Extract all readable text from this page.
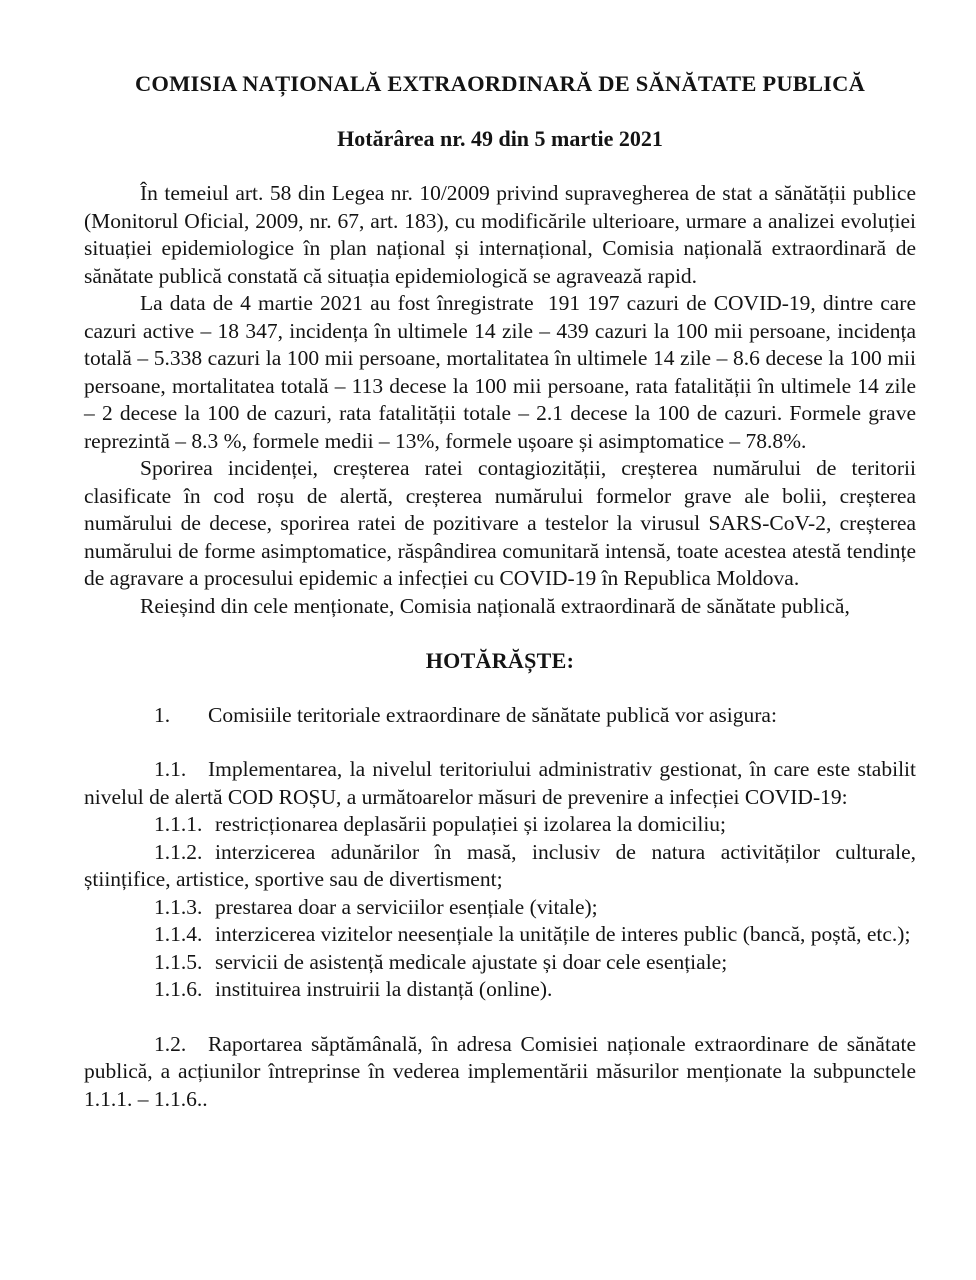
COMISIA NAȚIONALĂ EXTRAORDINARĂ DE SĂNĂTATE PUBLICĂ
Hotărârea nr. 49 din 5 martie 2021

În temeiul art. 58 din Legea nr. 10/2009 privind supravegherea de stat a sănătății publice (Monitorul Oficial, 2009, nr. 67, art. 183), cu modificările ulterioare, urmare a analizei evoluției situației epidemiologice în plan național și internațional, Comisia națională extraordinară de sănătate publică constată că situația epidemiologică se agravează rapid.

La data de 4 martie 2021 au fost înregistrate  191 197 cazuri de COVID-19, dintre care cazuri active – 18 347, incidența în ultimele 14 zile – 439 cazuri la 100 mii persoane, incidența totală – 5.338 cazuri la 100 mii persoane, mortalitatea în ultimele 14 zile – 8.6 decese la 100 mii persoane, mortalitatea totală – 113 decese la 100 mii persoane, rata fatalității în ultimele 14 zile – 2 decese la 100 de cazuri, rata fatalității totale – 2.1 decese la 100 de cazuri. Formele grave reprezintă – 8.3 %, formele medii – 13%, formele ușoare și asimptomatice – 78.8%.

Sporirea incidenței, creșterea ratei contagiozității, creșterea numărului de teritorii clasificate în cod roșu de alertă, creșterea numărului formelor grave ale bolii, creșterea numărului de decese, sporirea ratei de pozitivare a testelor la virusul SARS-CoV-2, creșterea numărului de forme asimptomatice, răspândirea comunitară intensă, toate acestea atestă tendințe de agravare a procesului epidemic a infecției cu COVID-19 în Republica Moldova.

Reieșind din cele menționate, Comisia națională extraordinară de sănătate publică,

HOTĂRĂȘTE:

1. Comisiile teritoriale extraordinare de sănătate publică vor asigura:

1.1. Implementarea, la nivelul teritoriului administrativ gestionat, în care este stabilit nivelul de alertă COD ROȘU, a următoarelor măsuri de prevenire a infecției COVID-19:

1.1.1. restricționarea deplasării populației și izolarea la domiciliu;

1.1.2. interzicerea adunărilor în masă, inclusiv de natura activităților culturale, științifice, artistice, sportive sau de divertisment;

1.1.3. prestarea doar a serviciilor esențiale (vitale);

1.1.4. interzicerea vizitelor neesențiale la unitățile de interes public (bancă, poștă, etc.);

1.1.5. servicii de asistență medicale ajustate și doar cele esențiale;

1.1.6. instituirea instruirii la distanță (online).

1.2. Raportarea săptămânală, în adresa Comisiei naționale extraordinare de sănătate publică, a acțiunilor întreprinse în vederea implementării măsurilor menționate la subpunctele 1.1.1. – 1.1.6..
